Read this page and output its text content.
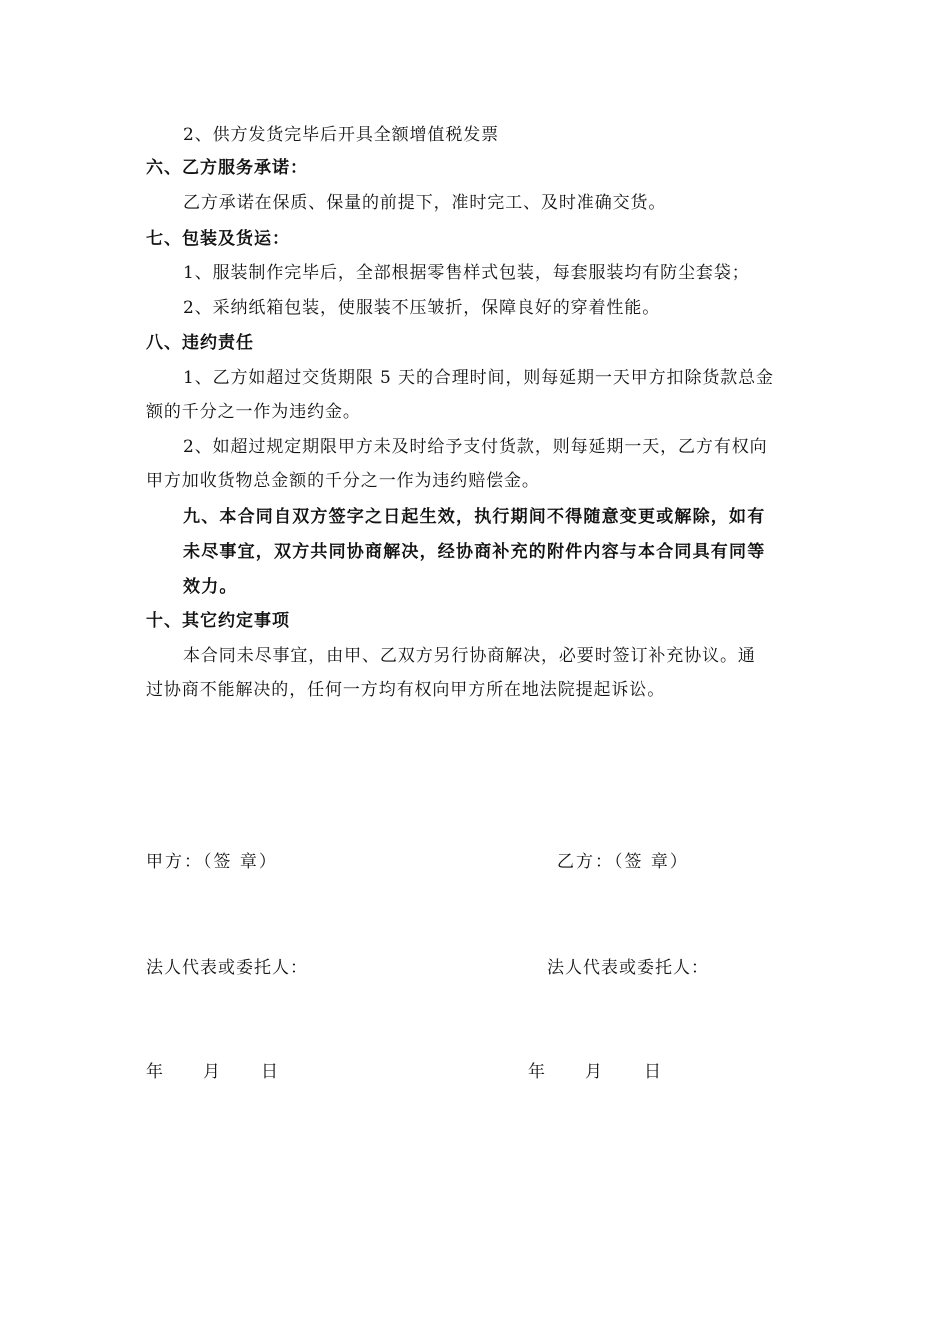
2、供方发货完毕后开具全额增值税发票
六、乙方服务承诺：
乙方承诺在保质、保量的前提下，准时完工、及时准确交货。
七、包装及货运：
1、服装制作完毕后，全部根据零售样式包装，每套服装均有防尘套袋；
2、采纳纸箱包装，使服装不压皱折，保障良好的穿着性能。
八、违约责任
1、乙方如超过交货期限 5 天的合理时间，则每延期一天甲方扣除货款总金
额的千分之一作为违约金。
2、如超过规定期限甲方未及时给予支付货款，则每延期一天，乙方有权向
甲方加收货物总金额的千分之一作为违约赔偿金。
九、本合同自双方签字之日起生效，执行期间不得随意变更或解除，如有
未尽事宜，双方共同协商解决，经协商补充的附件内容与本合同具有同等
效力。
十、其它约定事项
本合同未尽事宜，由甲、乙双方另行协商解决，必要时签订补充协议。通
过协商不能解决的，任何一方均有权向甲方所在地法院提起诉讼。
甲方：（签 章）	乙方：（签 章）
法人代表或委托人：	法人代表或委托人：
年 月 日	年 月 日
